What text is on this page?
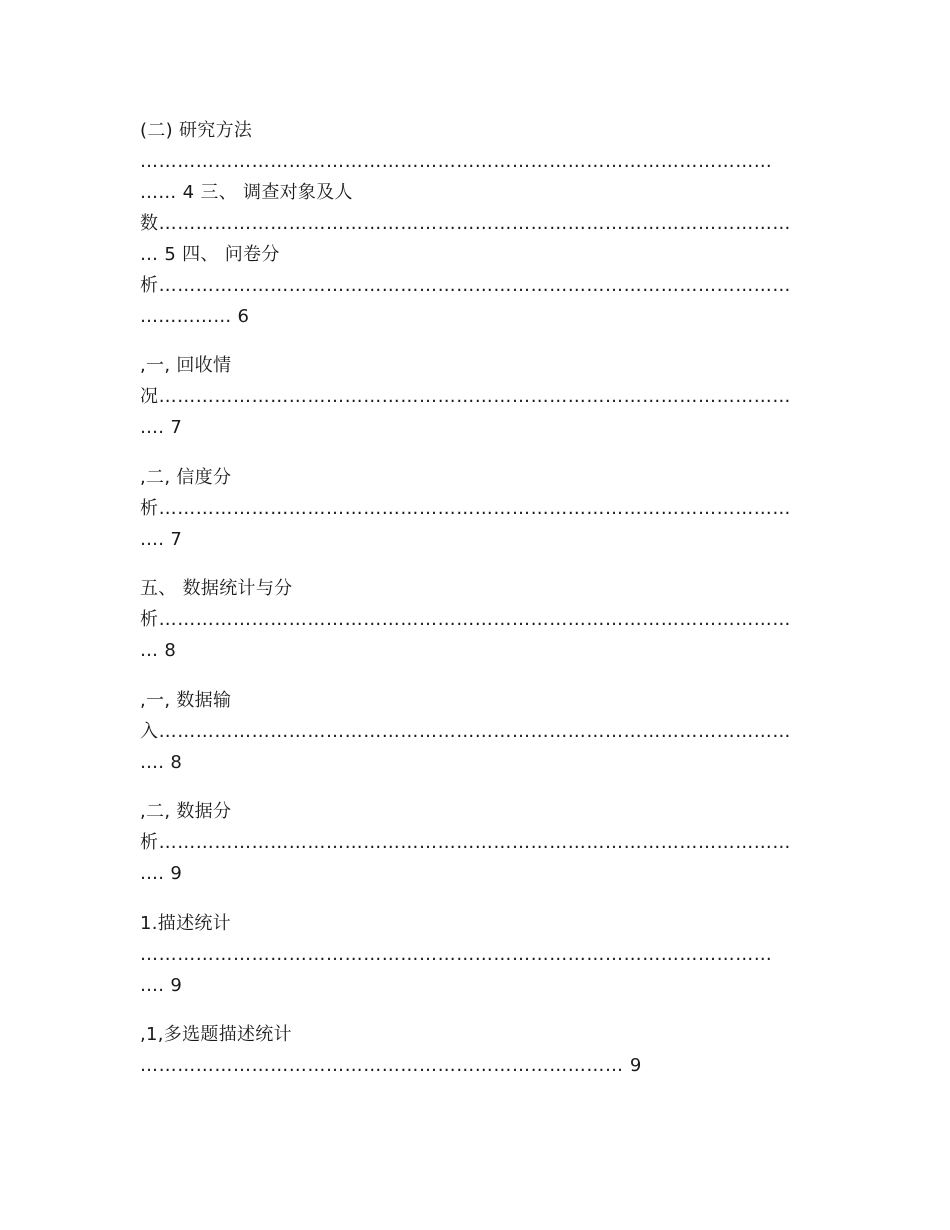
(二) 研究方法
…………………………………………………………………………………………
…… 4 三、 调查对象及人
数…………………………………………………………………………………………
… 5 四、 问卷分
析…………………………………………………………………………………………
…………… 6
,一, 回收情
况…………………………………………………………………………………………
…. 7
,二, 信度分
析…………………………………………………………………………………………
…. 7
五、 数据统计与分
析…………………………………………………………………………………………
… 8
,一, 数据输
入…………………………………………………………………………………………
…. 8
,二, 数据分
析…………………………………………………………………………………………
…. 9
1.描述统计
…………………………………………………………………………………………
…. 9
,1,多选题描述统计
…………………………………………………………………… 9
